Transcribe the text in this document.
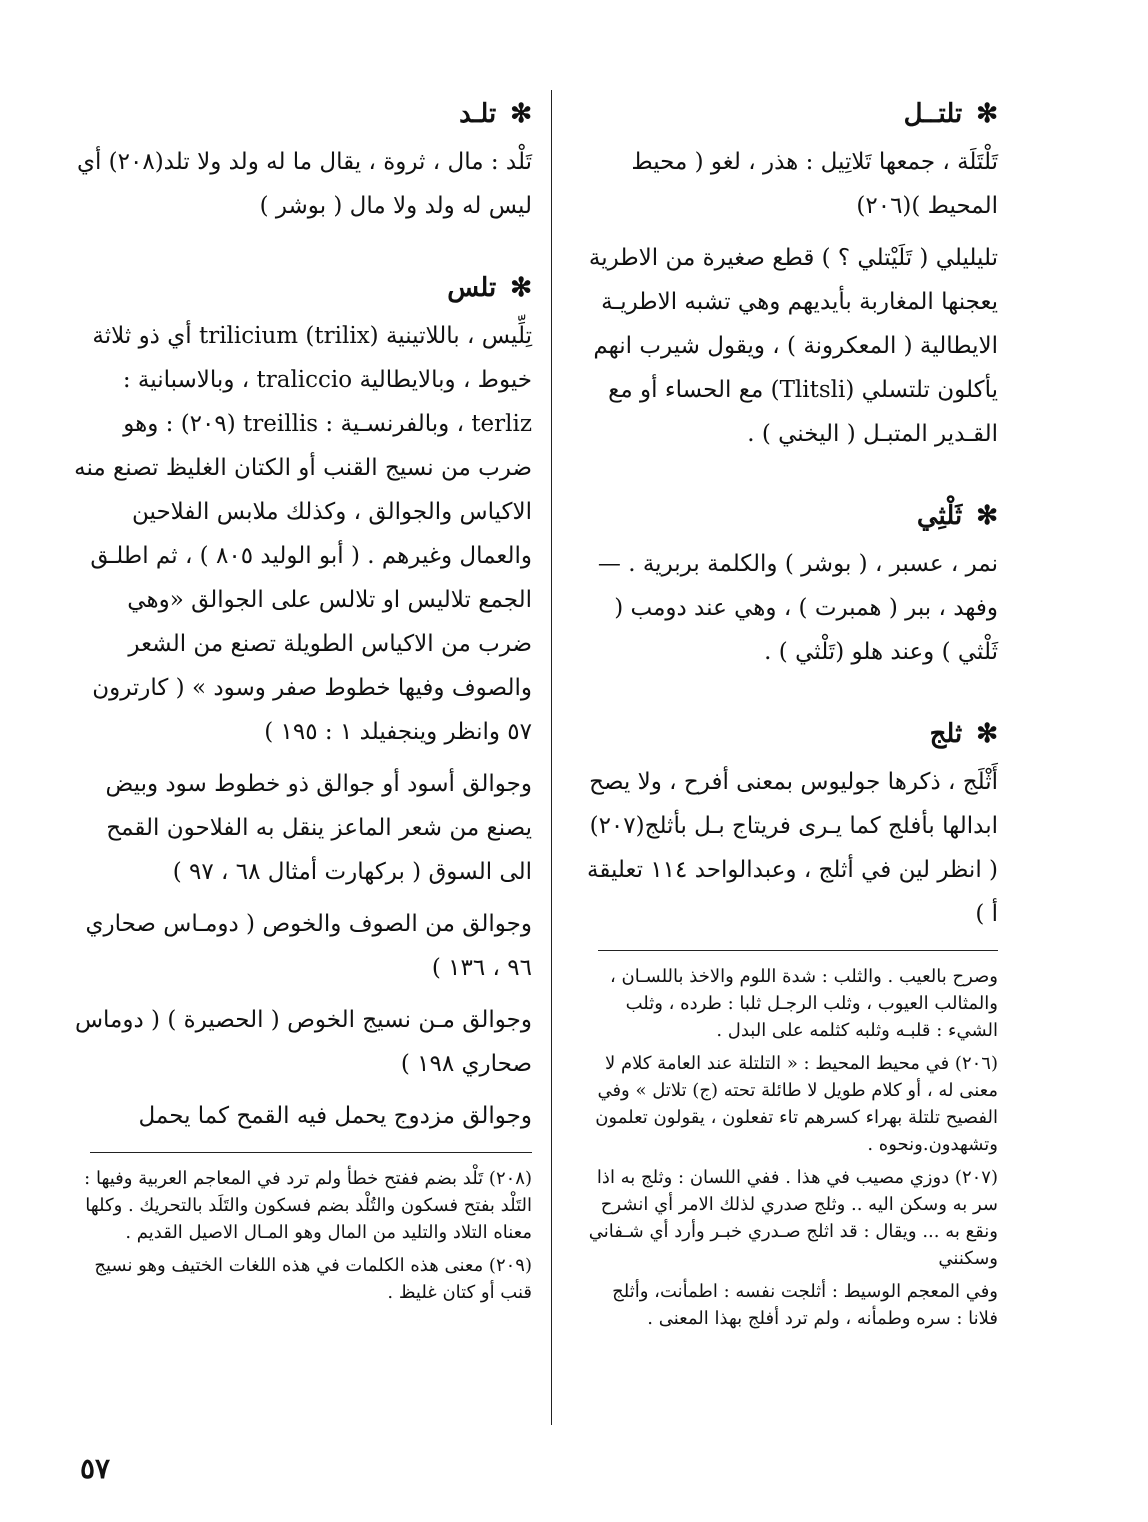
✻
تلتــل

تَلْتَلَة ، جمعها تَلاتِيل : هذر ، لغو ( محيط المحيط )(٢٠٦)

تليليلي ( تَلَيْتلي ؟ ) قطع صغيرة من الاطرية يعجنها المغاربة بأيديهم وهي تشبه الاطريـة الايطالية ( المعكرونة ) ، ويقول شيرب انهم يأكلون تلتسلي (Tlitsli) مع الحساء أو مع القـدير المتبـل ( اليخني ) .

✻
ثَلْثِي

نمر ، عسبر ، ( بوشر ) والكلمة بربرية . — وفهد ، ببر ( همبرت ) ، وهي عند دومب ( ثَلْثي ) وعند هلو (تَلْثي ) .

✻
ثلج

أَثْلَج ، ذكرها جوليوس بمعنى أفرح ، ولا يصح ابدالها بأفلج كما يـرى فريتاج بـل بأثلج(٢٠٧) ( انظر لين في أثلج ، وعبدالواحد ١١٤ تعليقة أ )

وصرح بالعيب . والثلب : شدة اللوم والاخذ باللسـان ، والمثالب العيوب ، وثلب الرجـل ثلبا : طرده ، وثلب الشيء : قلبـه وثلبه كثلمه على البدل .

(٢٠٦) في محيط المحيط : « التلتلة عند العامة كلام لا معنى له ، أو كلام طويل لا طائلة تحته (ج) تلاتل » وفي الفصيح تلتلة بهراء كسرهم تاء تفعلون ، يقولون تعلمون وتشهدون.ونحوه .

(٢٠٧) دوزي مصيب في هذا . ففي اللسان : وثلج به اذا سر به وسكن اليه .. وثلج صدري لذلك الامر أي انشرح ونقع به ... ويقال : قد اثلج صـدري خبـر وأرد أي شـفاني وسكنني

وفي المعجم الوسيط : أثلجت نفسه : اطمأنت، وأثلج فلانا : سره وطمأنه ، ولم ترد أفلج بهذا المعنى .

✻
تلـد

تَلْد : مال ، ثروة ، يقال ما له ولد ولا تلد(٢٠٨) أي ليس له ولد ولا مال ( بوشر )

✻
تلس

تِلِّيس ، باللاتينية trilicium (trilix) أي ذو ثلاثة خيوط ، وبالايطالية traliccio ، وبالاسبانية : terliz ، وبالفرنسـية : treillis (٢٠٩) : وهو ضرب من نسيج القنب أو الكتان الغليظ تصنع منه الاكياس والجوالق ، وكذلك ملابس الفلاحين والعمال وغيرهم . ( أبو الوليد ٨٠٥ ) ، ثم اطلـق الجمع تلاليس او تلالس على الجوالق «وهي ضرب من الاكياس الطويلة تصنع من الشعر والصوف وفيها خطوط صفر وسود » ( كارترون ٥٧ وانظر وينجفيلد ١ : ١٩٥ )

وجوالق أسود أو جوالق ذو خطوط سود وبيض يصنع من شعر الماعز ينقل به الفلاحون القمح الى السوق ( بركهارت أمثال ٦٨ ، ٩٧ )

وجوالق من الصوف والخوص ( دومـاس صحاري ٩٦ ، ١٣٦ )

وجوالق مـن نسيج الخوص ( الحصيرة ) ( دوماس صحاري ١٩٨ )

وجوالق مزدوج يحمل فيه القمح كما يحمل

(٢٠٨) تَلْد بضم ففتح خطأ ولم ترد في المعاجم العربية وفيها : التَلْد بفتح فسكون والتُلْد بضم فسكون والتَلَد بالتحريك . وكلها معناه التلاد والتليد من المال وهو المـال الاصيل القديم .

(٢٠٩) معنى هذه الكلمات في هذه اللغات الختيف وهو نسيج قنب أو كتان غليظ .

٥٧
